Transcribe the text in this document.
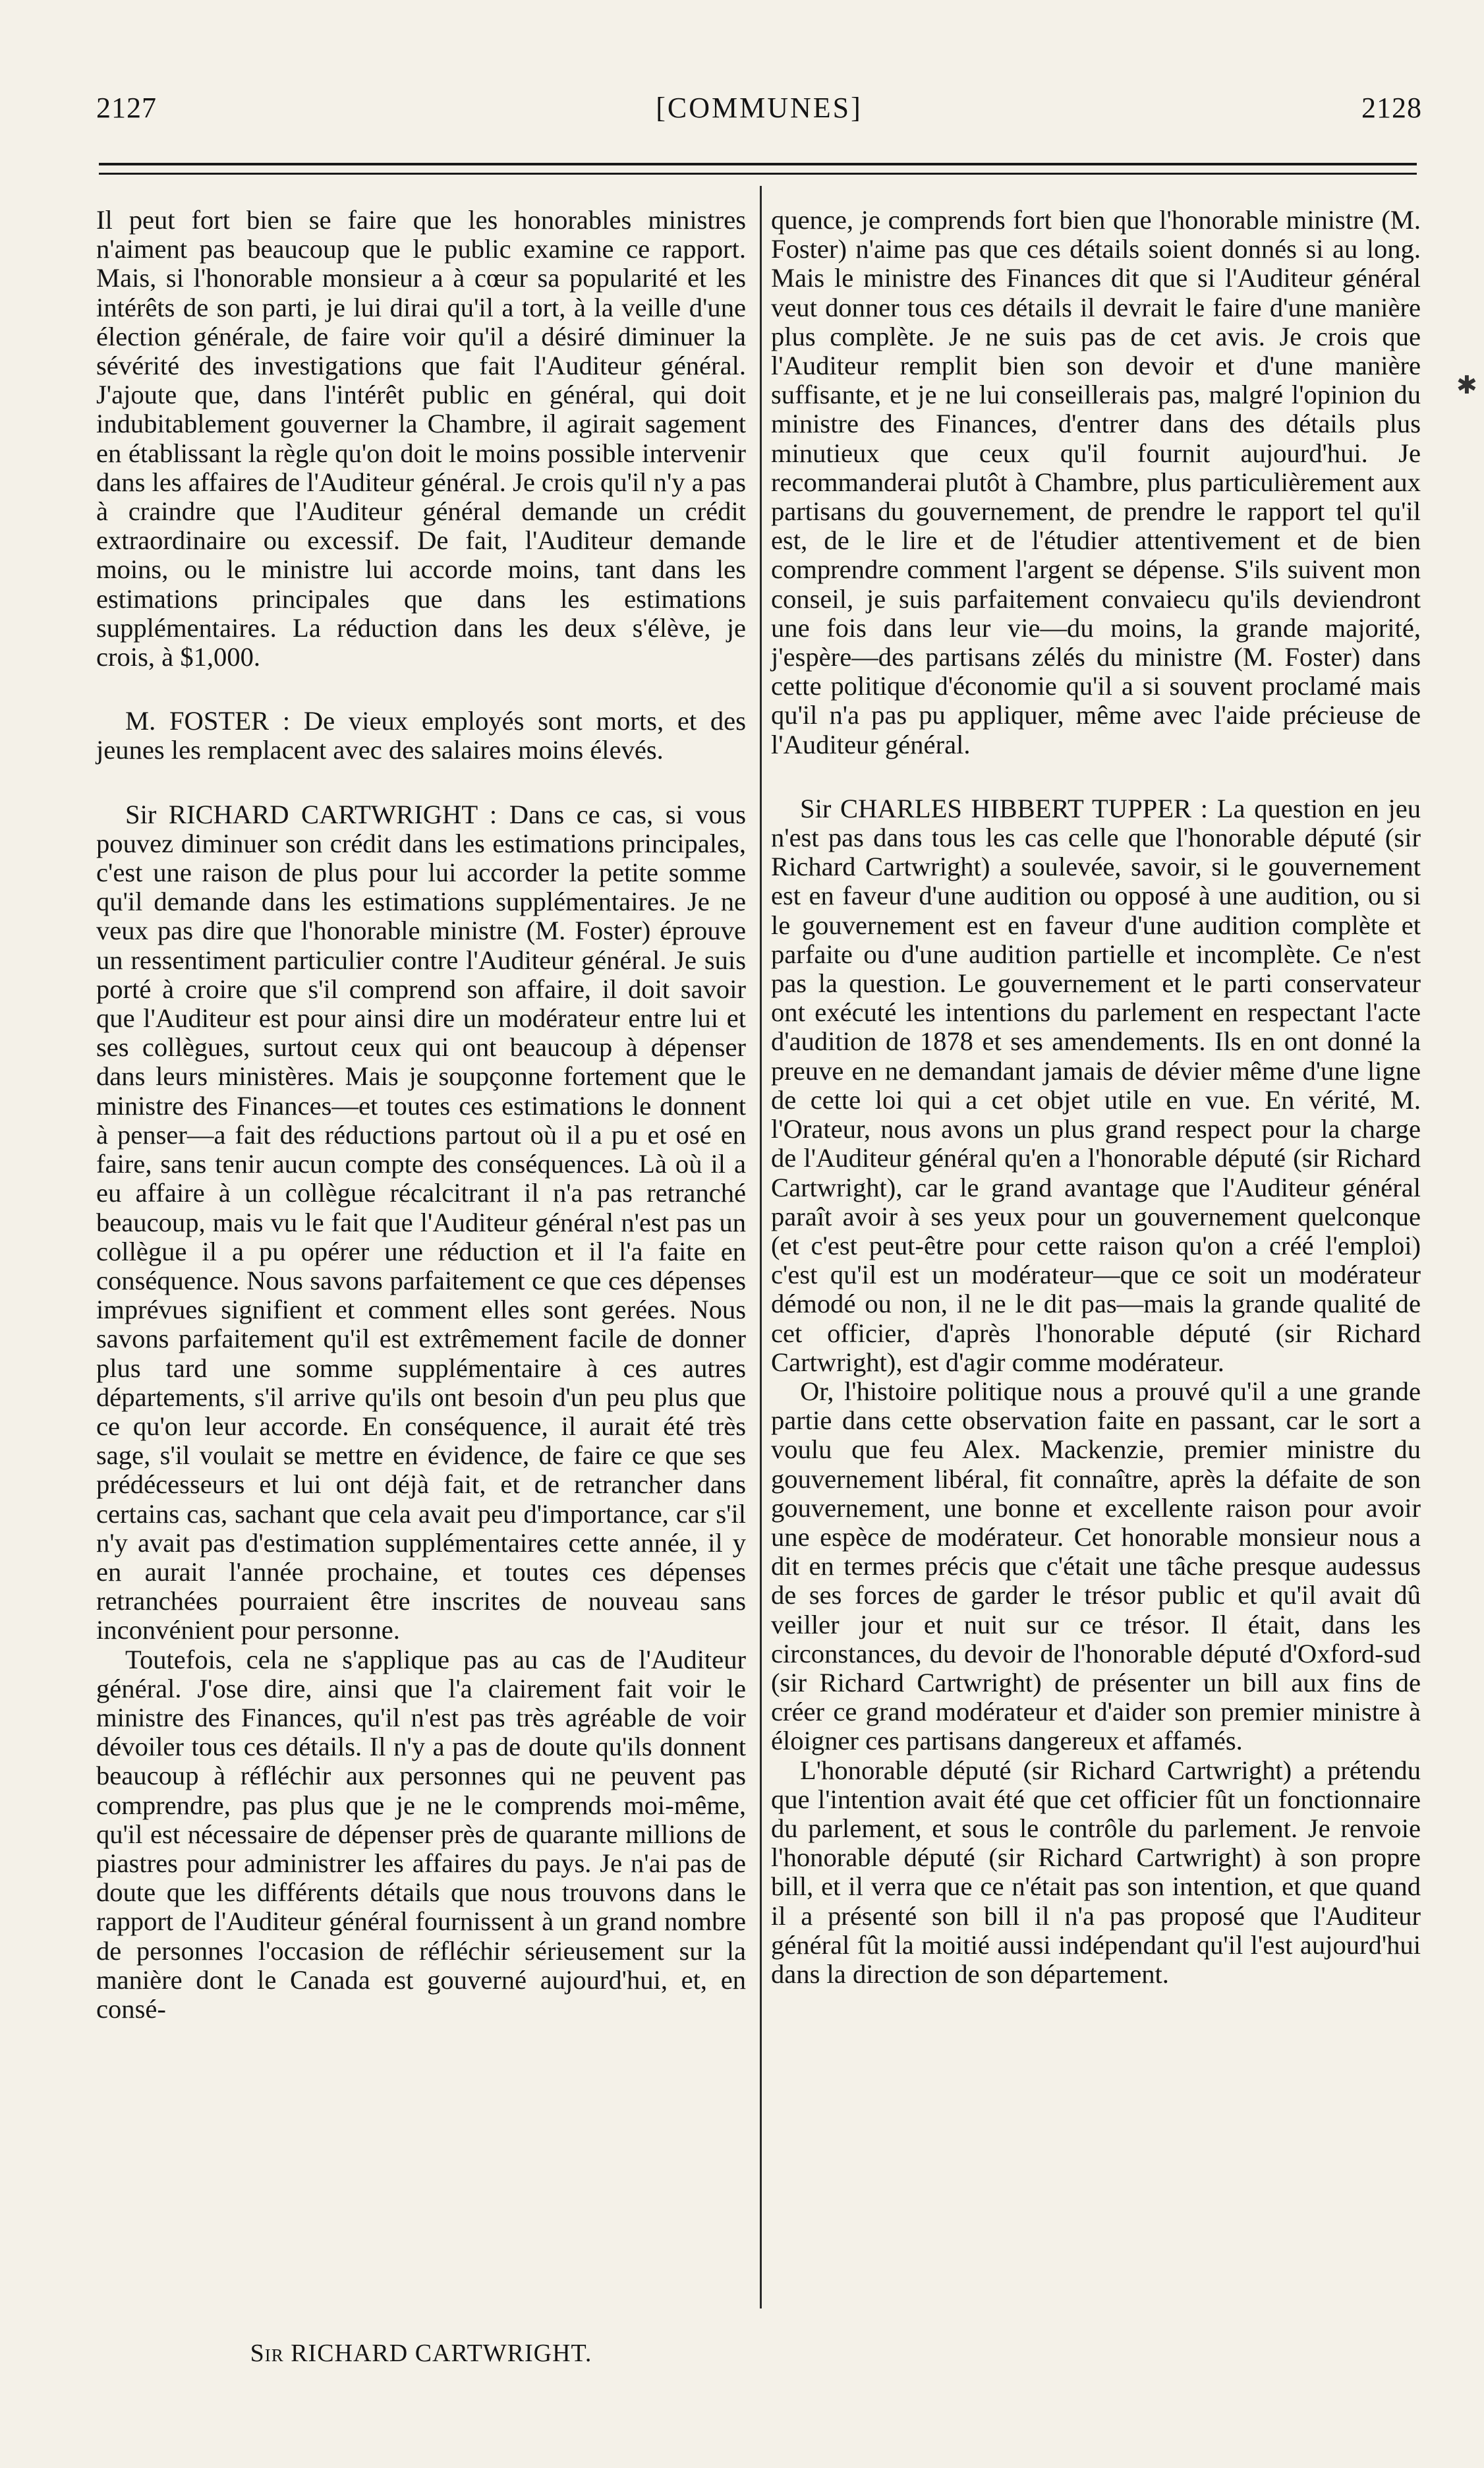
2127	[COMMUNES]	2128

Il peut fort bien se faire que les honorables ministres n'aiment pas beaucoup que le public examine ce rapport. Mais, si l'honorable monsieur a à cœur sa popularité et les intérêts de son parti, je lui dirai qu'il a tort, à la veille d'une élection générale, de faire voir qu'il a désiré diminuer la sévérité des investigations que fait l'Auditeur général. J'ajoute que, dans l'intérêt public en général, qui doit indubitablement gouverner la Chambre, il agirait sagement en établissant la règle qu'on doit le moins possible intervenir dans les affaires de l'Auditeur général. Je crois qu'il n'y a pas à craindre que l'Auditeur général demande un crédit extraordinaire ou excessif. De fait, l'Auditeur demande moins, ou le ministre lui accorde moins, tant dans les estimations principales que dans les estimations supplémentaires. La réduction dans les deux s'élève, je crois, à $1,000.

M. FOSTER : De vieux employés sont morts, et des jeunes les remplacent avec des salaires moins élevés.

Sir RICHARD CARTWRIGHT : Dans ce cas, si vous pouvez diminuer son crédit dans les estimations principales, c'est une raison de plus pour lui accorder la petite somme qu'il demande dans les estimations supplémentaires. Je ne veux pas dire que l'honorable ministre (M. Foster) éprouve un ressentiment particulier contre l'Auditeur général. Je suis porté à croire que s'il comprend son affaire, il doit savoir que l'Auditeur est pour ainsi dire un modérateur entre lui et ses collègues, surtout ceux qui ont beaucoup à dépenser dans leurs ministères. Mais je soupçonne fortement que le ministre des Finances—et toutes ces estimations le donnent à penser—a fait des réductions partout où il a pu et osé en faire, sans tenir aucun compte des conséquences. Là où il a eu affaire à un collègue récalcitrant il n'a pas retranché beaucoup, mais vu le fait que l'Auditeur général n'est pas un collègue il a pu opérer une réduction et il l'a faite en conséquence. Nous savons parfaitement ce que ces dépenses imprévues signifient et comment elles sont gerées. Nous savons parfaitement qu'il est extrêmement facile de donner plus tard une somme supplémentaire à ces autres départements, s'il arrive qu'ils ont besoin d'un peu plus que ce qu'on leur accorde. En conséquence, il aurait été très sage, s'il voulait se mettre en évidence, de faire ce que ses prédécesseurs et lui ont déjà fait, et de retrancher dans certains cas, sachant que cela avait peu d'importance, car s'il n'y avait pas d'estimation supplémentaires cette année, il y en aurait l'année prochaine, et toutes ces dépenses retranchées pourraient être inscrites de nouveau sans inconvénient pour personne.

Toutefois, cela ne s'applique pas au cas de l'Auditeur général. J'ose dire, ainsi que l'a clairement fait voir le ministre des Finances, qu'il n'est pas très agréable de voir dévoiler tous ces détails. Il n'y a pas de doute qu'ils donnent beaucoup à réfléchir aux personnes qui ne peuvent pas comprendre, pas plus que je ne le comprends moi-même, qu'il est nécessaire de dépenser près de quarante millions de piastres pour administrer les affaires du pays. Je n'ai pas de doute que les différents détails que nous trouvons dans le rapport de l'Auditeur général fournissent à un grand nombre de personnes l'occasion de réfléchir sérieusement sur la manière dont le Canada est gouverné aujourd'hui, et, en consé-

Sir RICHARD CARTWRIGHT.

quence, je comprends fort bien que l'honorable ministre (M. Foster) n'aime pas que ces détails soient donnés si au long. Mais le ministre des Finances dit que si l'Auditeur général veut donner tous ces détails il devrait le faire d'une manière plus complète. Je ne suis pas de cet avis. Je crois que l'Auditeur remplit bien son devoir et d'une manière suffisante, et je ne lui conseillerais pas, malgré l'opinion du ministre des Finances, d'entrer dans des détails plus minutieux que ceux qu'il fournit aujourd'hui. Je recommanderai plutôt à Chambre, plus particulièrement aux partisans du gouvernement, de prendre le rapport tel qu'il est, de le lire et de l'étudier attentivement et de bien comprendre comment l'argent se dépense. S'ils suivent mon conseil, je suis parfaitement convaiecu qu'ils deviendront une fois dans leur vie—du moins, la grande majorité, j'espère—des partisans zélés du ministre (M. Foster) dans cette politique d'économie qu'il a si souvent proclamé mais qu'il n'a pas pu appliquer, même avec l'aide précieuse de l'Auditeur général.

Sir CHARLES HIBBERT TUPPER : La question en jeu n'est pas dans tous les cas celle que l'honorable député (sir Richard Cartwright) a soulevée, savoir, si le gouvernement est en faveur d'une audition ou opposé à une audition, ou si le gouvernement est en faveur d'une audition complète et parfaite ou d'une audition partielle et incomplète. Ce n'est pas la question. Le gouvernement et le parti conservateur ont exécuté les intentions du parlement en respectant l'acte d'audition de 1878 et ses amendements. Ils en ont donné la preuve en ne demandant jamais de dévier même d'une ligne de cette loi qui a cet objet utile en vue. En vérité, M. l'Orateur, nous avons un plus grand respect pour la charge de l'Auditeur général qu'en a l'honorable député (sir Richard Cartwright), car le grand avantage que l'Auditeur général paraît avoir à ses yeux pour un gouvernement quelconque (et c'est peut-être pour cette raison qu'on a créé l'emploi) c'est qu'il est un modérateur—que ce soit un modérateur démodé ou non, il ne le dit pas—mais la grande qualité de cet officier, d'après l'honorable député (sir Richard Cartwright), est d'agir comme modérateur.

Or, l'histoire politique nous a prouvé qu'il a une grande partie dans cette observation faite en passant, car le sort a voulu que feu Alex. Mackenzie, premier ministre du gouvernement libéral, fit connaître, après la défaite de son gouvernement, une bonne et excellente raison pour avoir une espèce de modérateur. Cet honorable monsieur nous a dit en termes précis que c'était une tâche presque audessus de ses forces de garder le trésor public et qu'il avait dû veiller jour et nuit sur ce trésor. Il était, dans les circonstances, du devoir de l'honorable député d'Oxford-sud (sir Richard Cartwright) de présenter un bill aux fins de créer ce grand modérateur et d'aider son premier ministre à éloigner ces partisans dangereux et affamés.

L'honorable député (sir Richard Cartwright) a prétendu que l'intention avait été que cet officier fût un fonctionnaire du parlement, et sous le contrôle du parlement. Je renvoie l'honorable député (sir Richard Cartwright) à son propre bill, et il verra que ce n'était pas son intention, et que quand il a présenté son bill il n'a pas proposé que l'Auditeur général fût la moitié aussi indépendant qu'il l'est aujourd'hui dans la direction de son département.

✱
